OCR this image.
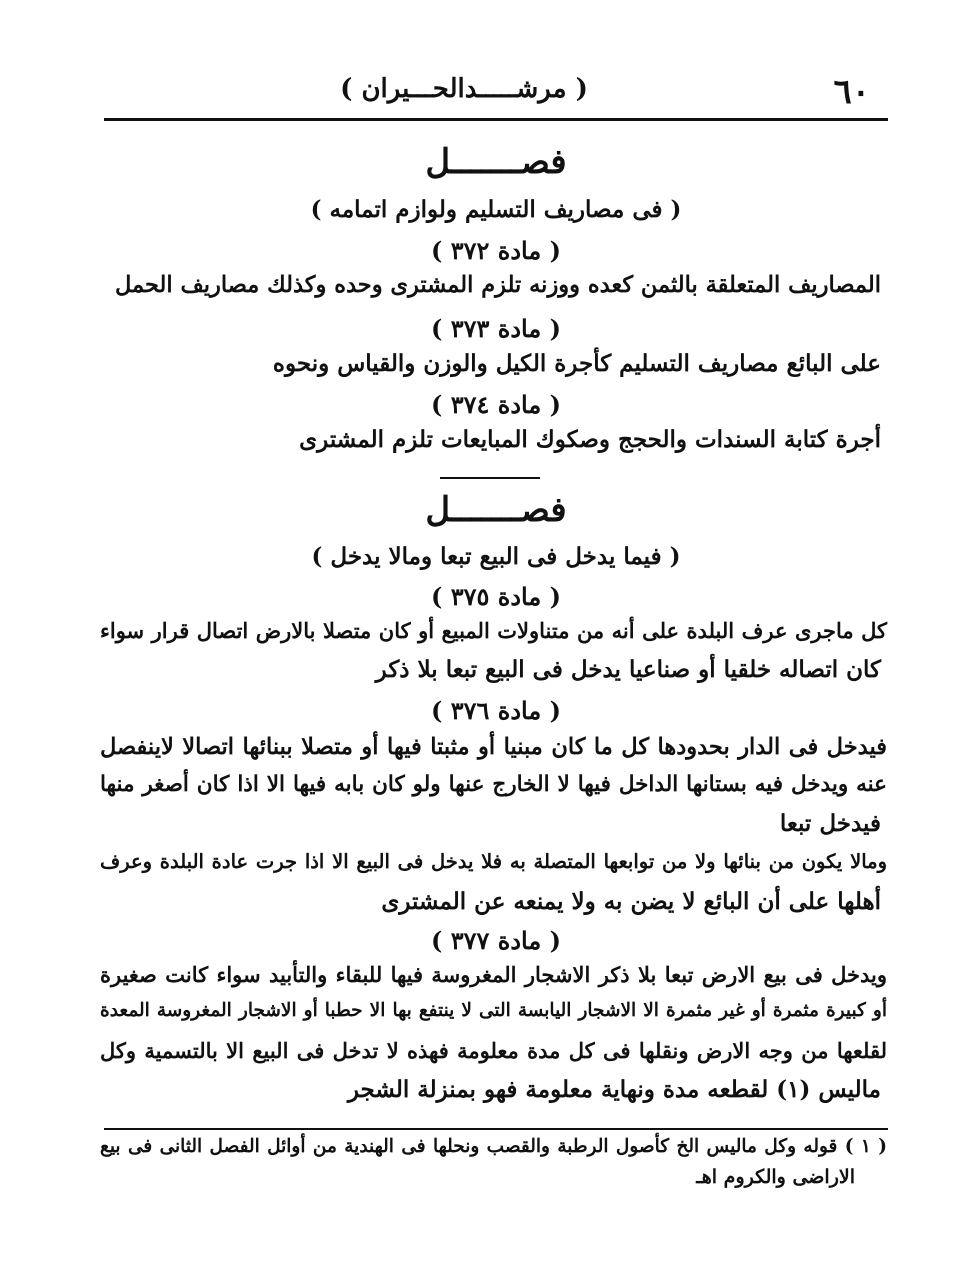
٦٠
( مرشـــــدالحـــيران )
فصـــــــل
( فى مصاريف التسليم ولوازم اتمامه )
( مادة ٣٧٢ )
المصاريف المتعلقة بالثمن كعده ووزنه تلزم المشترى وحده وكذلك مصاريف الحمل
( مادة ٣٧٣ )
على البائع مصاريف التسليم كأجرة الكيل والوزن والقياس ونحوه
( مادة ٣٧٤ )
أجرة كتابة السندات والحجج وصكوك المبايعات تلزم المشترى
فصـــــــل
( فيما يدخل فى البيع تبعا ومالا يدخل )
( مادة ٣٧٥ )
كل ماجرى عرف البلدة على أنه من متناولات المبيع أو كان متصلا بالارض اتصال قرار سواء
كان اتصاله خلقيا أو صناعيا يدخل فى البيع تبعا بلا ذكر
( مادة ٣٧٦ )
فيدخل فى الدار بحدودها كل ما كان مبنيا أو مثبتا فيها أو متصلا ببنائها اتصالا لاينفصل
عنه ويدخل فيه بستانها الداخل فيها لا الخارج عنها ولو كان بابه فيها الا اذا كان أصغر منها
فيدخل تبعا
ومالا يكون من بنائها ولا من توابعها المتصلة به فلا يدخل فى البيع الا اذا جرت عادة البلدة وعرف
أهلها على أن البائع لا يضن به ولا يمنعه عن المشترى
( مادة ٣٧٧ )
ويدخل فى بيع الارض تبعا بلا ذكر الاشجار المغروسة فيها للبقاء والتأبيد سواء كانت صغيرة
أو كبيرة مثمرة أو غير مثمرة الا الاشجار اليابسة التى لا ينتفع بها الا حطبا أو الاشجار المغروسة المعدة
لقلعها من وجه الارض ونقلها فى كل مدة معلومة فهذه لا تدخل فى البيع الا بالتسمية وكل
ماليس (١) لقطعه مدة ونهاية معلومة فهو بمنزلة الشجر
( ١ ) قوله وكل ماليس الخ كأصول الرطبة والقصب ونحلها فى الهندية من أوائل الفصل الثانى فى بيع
الاراضى والكروم اهـ
